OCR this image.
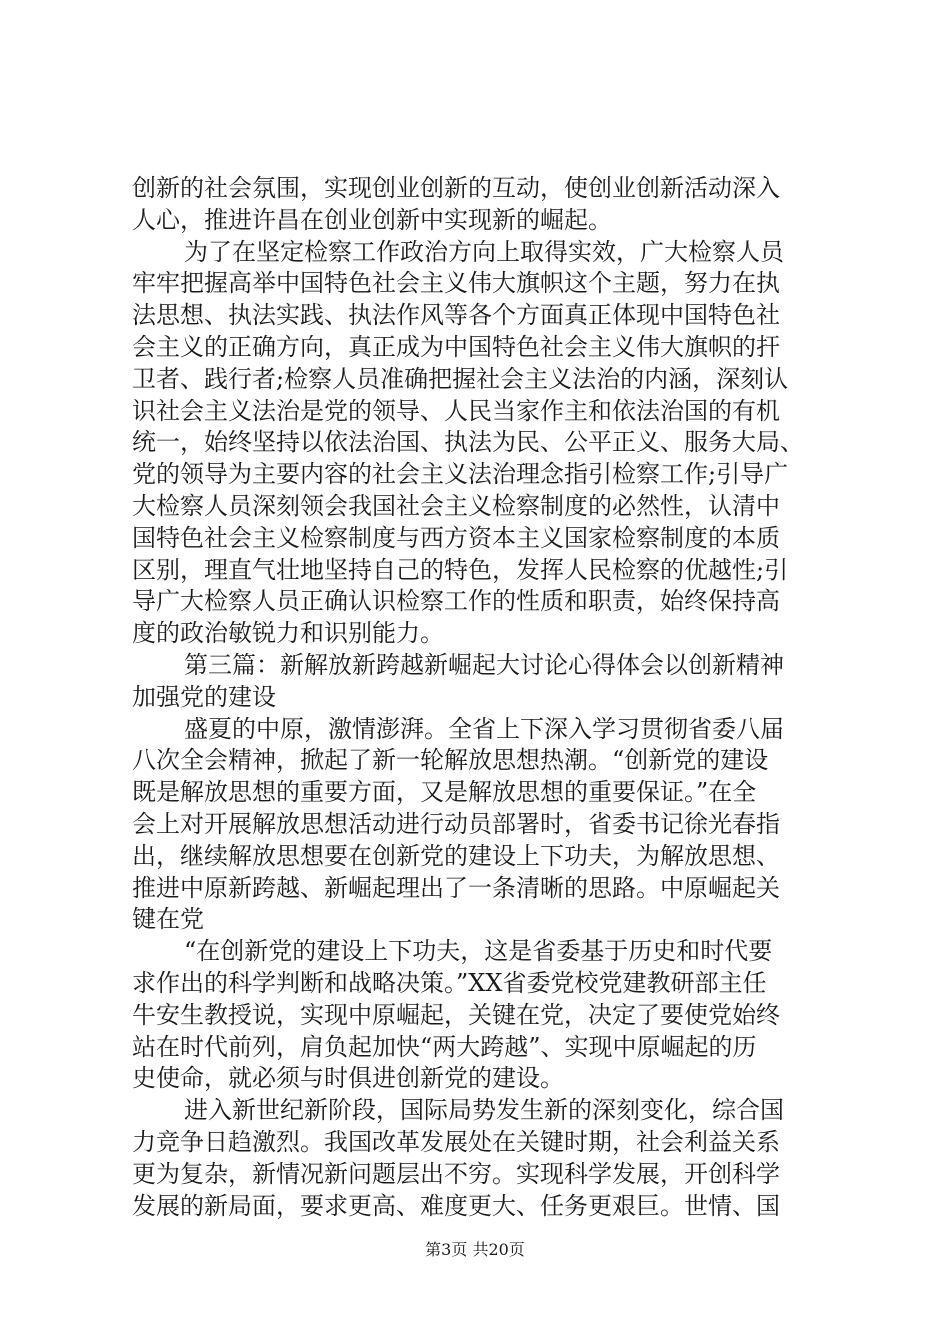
创新的社会氛围，实现创业创新的互动，使创业创新活动深入
人心，推进许昌在创业创新中实现新的崛起。
为了在坚定检察工作政治方向上取得实效，广大检察人员
牢牢把握高举中国特色社会主义伟大旗帜这个主题，努力在执
法思想、执法实践、执法作风等各个方面真正体现中国特色社
会主义的正确方向，真正成为中国特色社会主义伟大旗帜的扞
卫者、践行者;检察人员准确把握社会主义法治的内涵，深刻认
识社会主义法治是党的领导、人民当家作主和依法治国的有机
统一，始终坚持以依法治国、执法为民、公平正义、服务大局、
党的领导为主要内容的社会主义法治理念指引检察工作;引导广
大检察人员深刻领会我国社会主义检察制度的必然性，认清中
国特色社会主义检察制度与西方资本主义国家检察制度的本质
区别，理直气壮地坚持自己的特色，发挥人民检察的优越性;引
导广大检察人员正确认识检察工作的性质和职责，始终保持高
度的政治敏锐力和识别能力。
第三篇：新解放新跨越新崛起大讨论心得体会以创新精神
加强党的建设
盛夏的中原，激情澎湃。全省上下深入学习贯彻省委八届
八次全会精神，掀起了新一轮解放思想热潮。“创新党的建设
既是解放思想的重要方面，又是解放思想的重要保证。”在全
会上对开展解放思想活动进行动员部署时，省委书记徐光春指
出，继续解放思想要在创新党的建设上下功夫，为解放思想、
推进中原新跨越、新崛起理出了一条清晰的思路。中原崛起关
键在党
“在创新党的建设上下功夫，这是省委基于历史和时代要
求作出的科学判断和战略决策。”XX省委党校党建教研部主任
牛安生教授说，实现中原崛起，关键在党，决定了要使党始终
站在时代前列，肩负起加快“两大跨越”、实现中原崛起的历
史使命，就必须与时俱进创新党的建设。
进入新世纪新阶段，国际局势发生新的深刻变化，综合国
力竞争日趋激烈。我国改革发展处在关键时期，社会利益关系
更为复杂，新情况新问题层出不穷。实现科学发展，开创科学
发展的新局面，要求更高、难度更大、任务更艰巨。世情、国
第3页 共20页
